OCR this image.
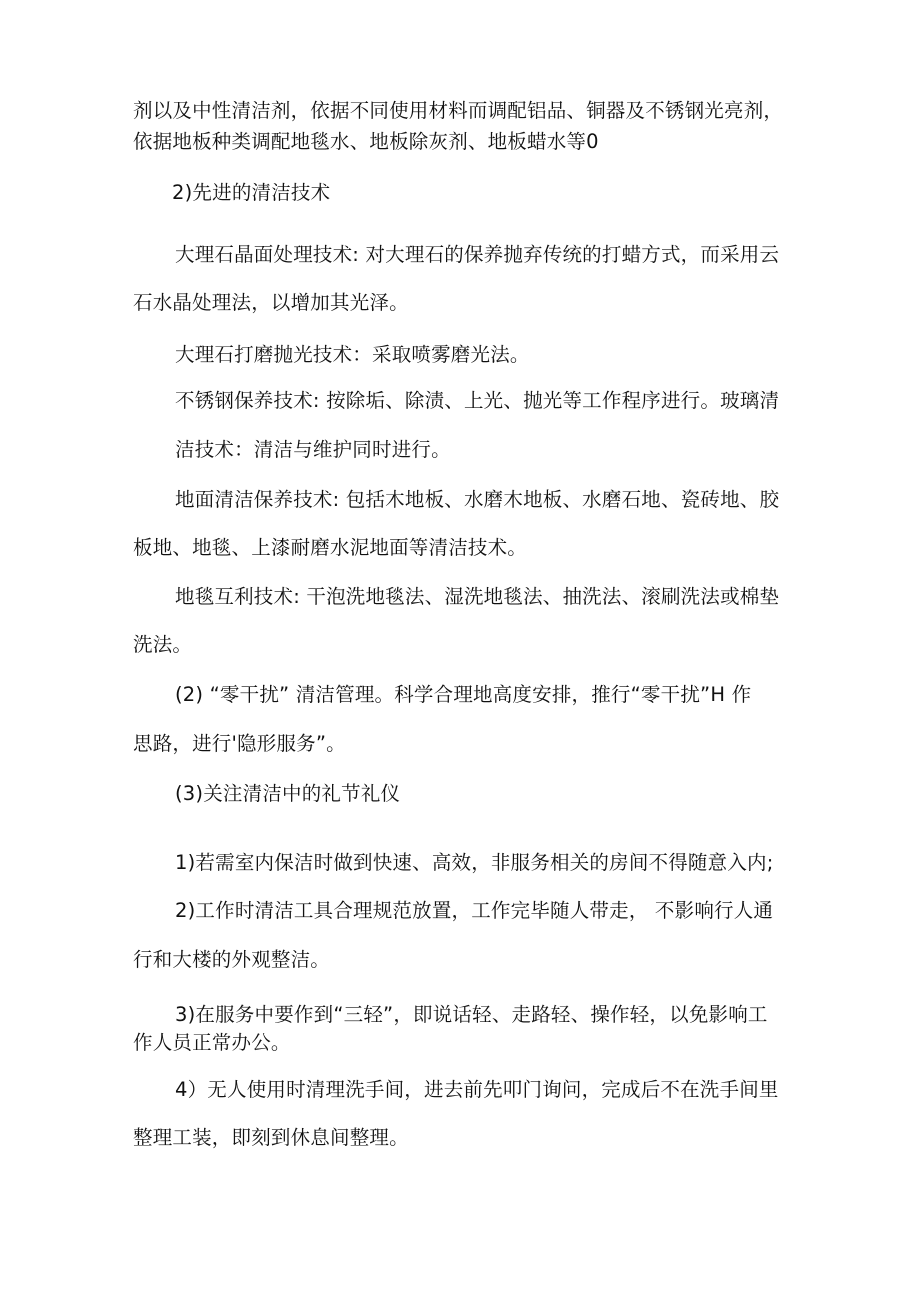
剂以及中性清洁剂，依据不同使用材料而调配铝品、铜器及不锈钢光亮剂，

依据地板种类调配地毯水、地板除灰剂、地板蜡水等0

2)先进的清洁技术

大理石晶面处理技术: 对大理石的保养抛弃传统的打蜡方式，而采用云

石水晶处理法，以增加其光泽。

大理石打磨抛光技术：采取喷雾磨光法。

不锈钢保养技术: 按除垢、除渍、上光、抛光等工作程序进行。玻璃清

洁技术：清洁与维护同时进行。

地面清洁保养技术: 包括木地板、水磨木地板、水磨石地、瓷砖地、胶

板地、地毯、上漆耐磨水泥地面等清洁技术。

地毯互利技术: 干泡洗地毯法、湿洗地毯法、抽洗法、滚刷洗法或棉垫

洗法。

(2) “零干扰” 清洁管理。科学合理地高度安排，推行“零干扰”H 作

思路，进行'隐形服务”。

(3)关注清洁中的礼节礼仪

1)若需室内保洁时做到快速、高效，非服务相关的房间不得随意入内;

2)工作时清洁工具合理规范放置，工作完毕随人带走， 不影响行人通

行和大楼的外观整洁。

3)在服务中要作到“三轻”，即说话轻、走路轻、操作轻，以免影响工

作人员正常办公。

4）无人使用时清理洗手间，进去前先叩门询问，完成后不在洗手间里

整理工装，即刻到休息间整理。
